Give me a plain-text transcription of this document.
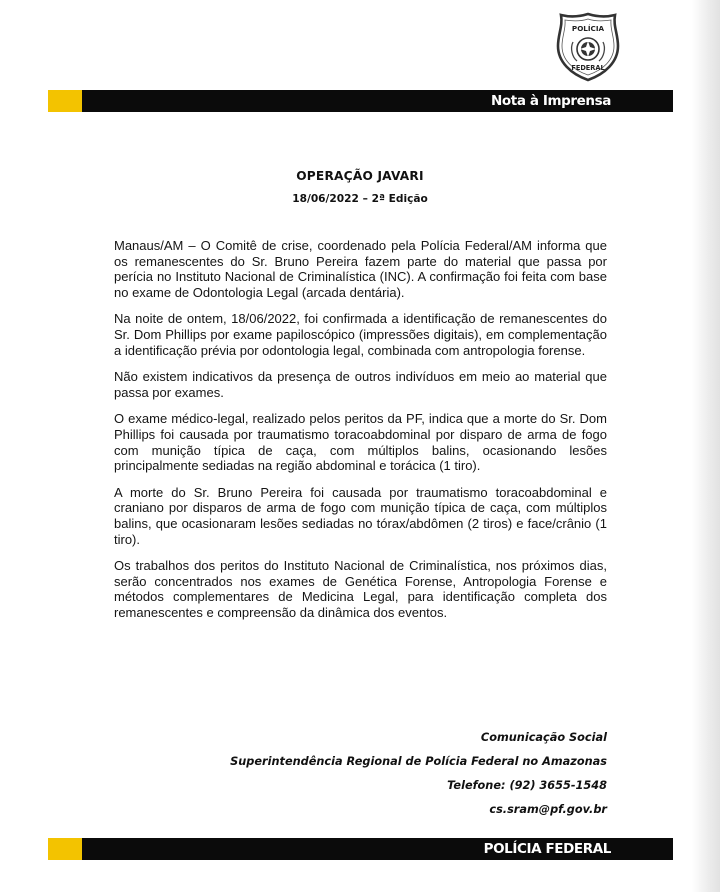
POLÍCIA
FEDERAL
Nota à Imprensa
OPERAÇÃO JAVARI
18/06/2022 – 2ª Edição

Manaus/AM – O Comitê de crise, coordenado pela Polícia Federal/AM informa que os remanescentes do Sr. Bruno Pereira fazem parte do material que passa por perícia no Instituto Nacional de Criminalística (INC). A confirmação foi feita com base no exame de Odontologia Legal (arcada dentária).

Na noite de ontem, 18/06/2022, foi confirmada a identificação de remanescentes do Sr. Dom Phillips por exame papiloscópico (impressões digitais), em complementação a identificação prévia por odontologia legal, combinada com antropologia forense.

Não existem indicativos da presença de outros indivíduos em meio ao material que passa por exames.

O exame médico-legal, realizado pelos peritos da PF, indica que a morte do Sr. Dom Phillips foi causada por traumatismo toracoabdominal por disparo de arma de fogo com munição típica de caça, com múltiplos balins, ocasionando lesões principalmente sediadas na região abdominal e torácica (1 tiro).

A morte do Sr. Bruno Pereira foi causada por traumatismo toracoabdominal e craniano por disparos de arma de fogo com munição típica de caça, com múltiplos balins, que ocasionaram lesões sediadas no tórax/abdômen (2 tiros) e face/crânio (1 tiro).

Os trabalhos dos peritos do Instituto Nacional de Criminalística, nos próximos dias, serão concentrados nos exames de Genética Forense, Antropologia Forense e métodos complementares de Medicina Legal, para identificação completa dos remanescentes e compreensão da dinâmica dos eventos.

Comunicação Social
Superintendência Regional de Polícia Federal no Amazonas
Telefone: (92) 3655-1548
cs.sram@pf.gov.br
POLÍCIA FEDERAL
